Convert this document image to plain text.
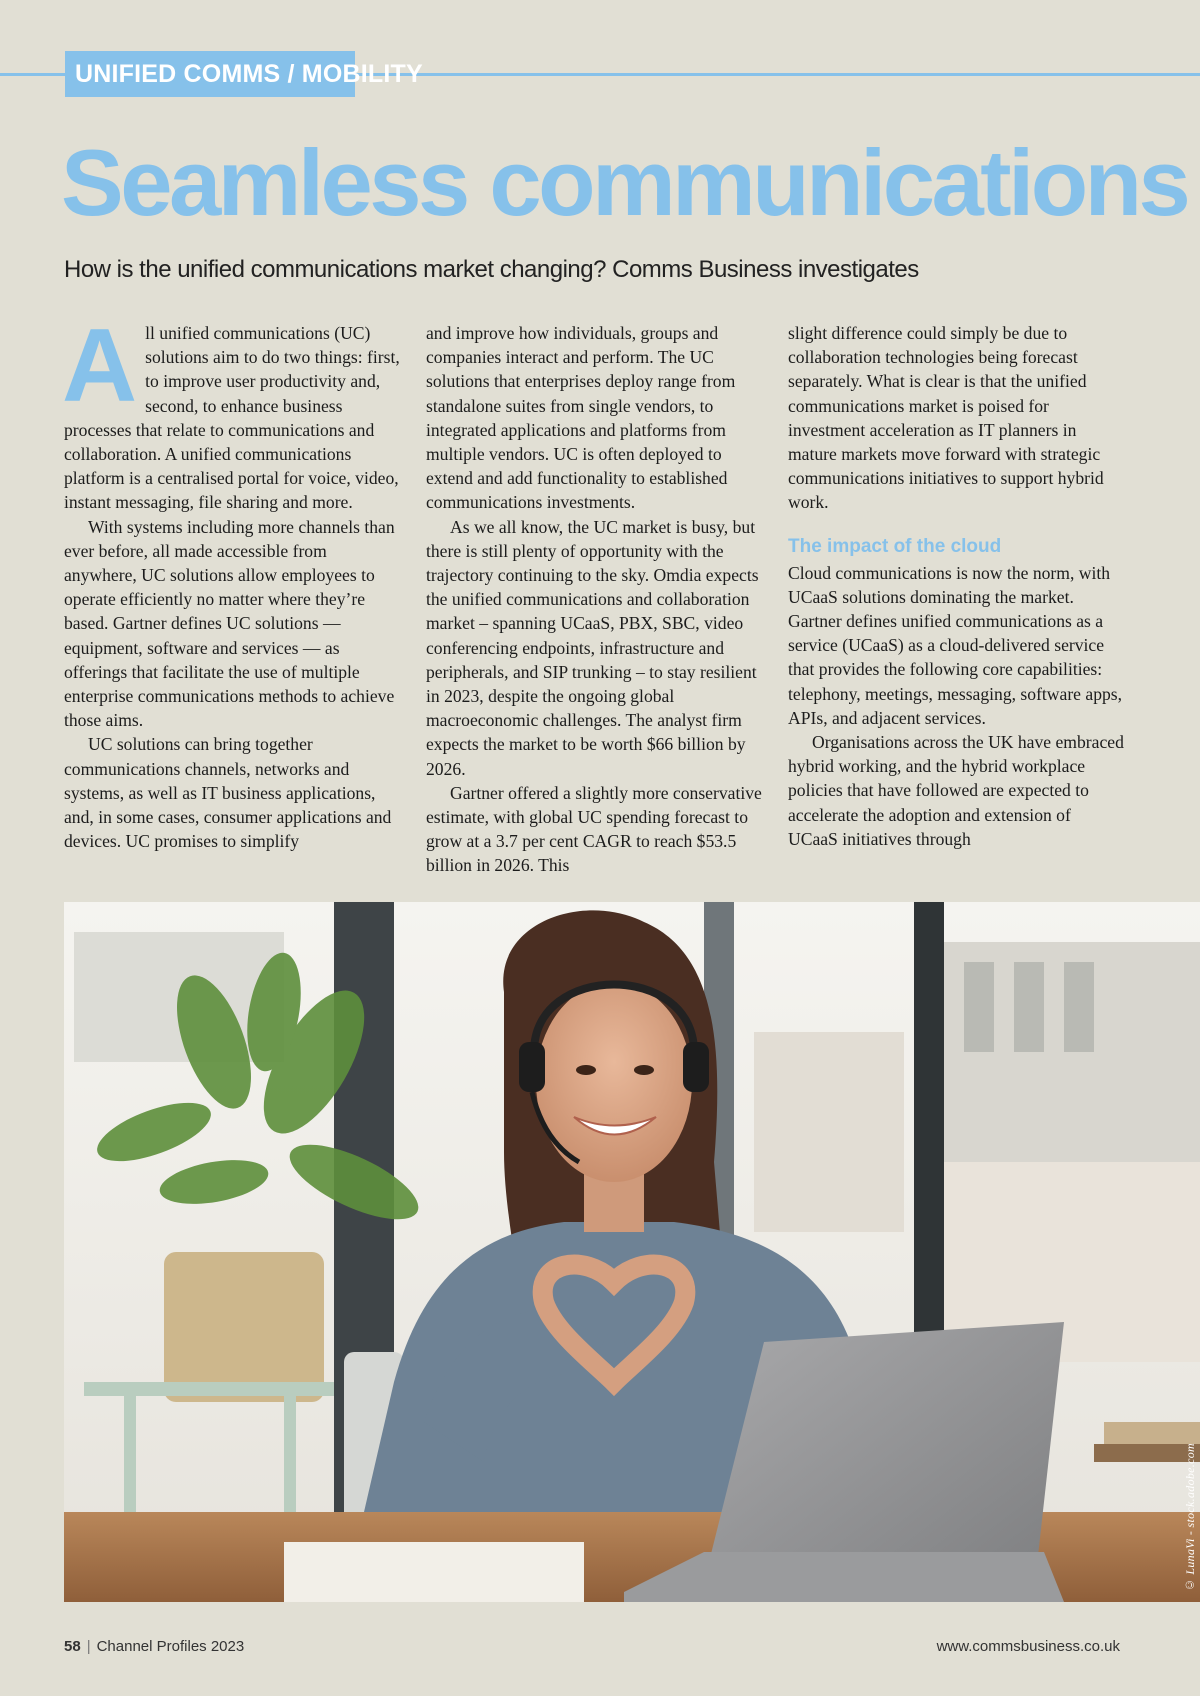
UNIFIED COMMS / MOBILITY
Seamless communications

How is the unified communications market changing? Comms Business investigates

All unified communications (UC) solutions aim to do two things: first, to improve user productivity and, second, to enhance business processes that relate to communications and collaboration. A unified communications platform is a centralised portal for voice, video, instant messaging, file sharing and more.

With systems including more channels than ever before, all made accessible from anywhere, UC solutions allow employees to operate efficiently no matter where they’re based. Gartner defines UC solutions — equipment, software and services — as offerings that facilitate the use of multiple enterprise communications methods to achieve those aims.

UC solutions can bring together communications channels, networks and systems, as well as IT business applications, and, in some cases, consumer applications and devices. UC promises to simplify

and improve how individuals, groups and companies interact and perform. The UC solutions that enterprises deploy range from standalone suites from single vendors, to integrated applications and platforms from multiple vendors. UC is often deployed to extend and add functionality to established communications investments.

As we all know, the UC market is busy, but there is still plenty of opportunity with the trajectory continuing to the sky. Omdia expects the unified communications and collaboration market – spanning UCaaS, PBX, SBC, video conferencing endpoints, infrastructure and peripherals, and SIP trunking – to stay resilient in 2023, despite the ongoing global macroeconomic challenges. The analyst firm expects the market to be worth $66 billion by 2026.

Gartner offered a slightly more conservative estimate, with global UC spending forecast to grow at a 3.7 per cent CAGR to reach $53.5 billion in 2026. This

slight difference could simply be due to collaboration technologies being forecast separately. What is clear is that the unified communications market is poised for investment acceleration as IT planners in mature markets move forward with strategic communications initiatives to support hybrid work.

The impact of the cloud

Cloud communications is now the norm, with UCaaS solutions dominating the market. Gartner defines unified communications as a service (UCaaS) as a cloud-delivered service that provides the following core capabilities: telephony, meetings, messaging, software apps, APIs, and adjacent services.

Organisations across the UK have embraced hybrid working, and the hybrid workplace policies that have followed are expected to accelerate the adoption and extension of UCaaS initiatives through

© LunaVi - stock.adobe.com
58 | Channel Profiles 2023	www.commsbusiness.co.uk
